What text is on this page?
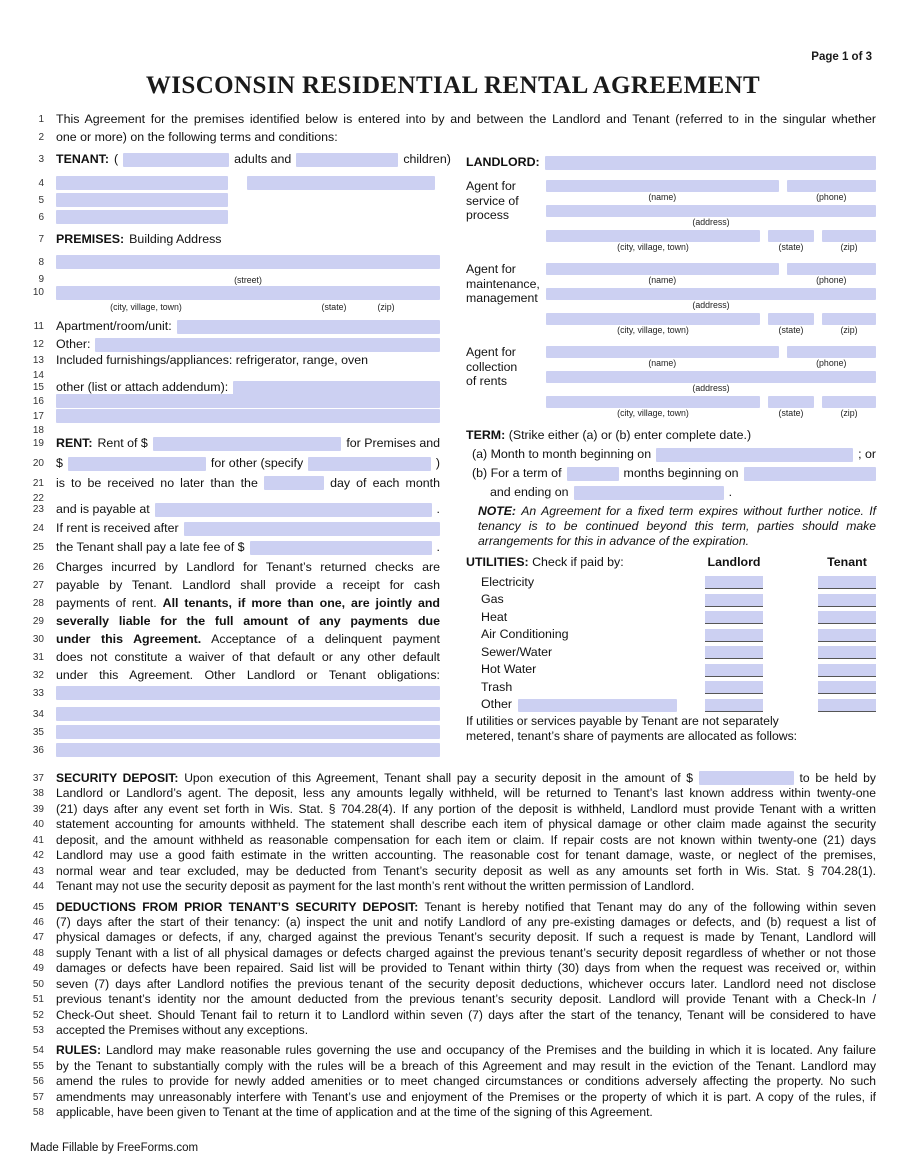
Page 1 of 3
WISCONSIN RESIDENTIAL RENTAL AGREEMENT
1 This Agreement for the premises identified below is entered into by and between the Landlord and Tenant (referred to in the singular whether
2 one or more) on the following terms and conditions:
3 TENANT: (	adults and	children)
4
5
6
7 PREMISES: Building Address
8
9	(street)
10
(city, village, town)	(state)	(zip)
11 Apartment/room/unit:
12 Other:
13 Included furnishings/appliances: refrigerator, range, oven
14
15 other (list or attach addendum):
16
17
18
19 RENT: Rent of $	for Premises and
20 $	for other (specify	)
21 is to be received no later than the	day of each month
22
23 and is payable at	.
24 If rent is received after
25 the Tenant shall pay a late fee of $	.
26 Charges incurred by Landlord for Tenant’s returned checks are
27 payable by Tenant. Landlord shall provide a receipt for cash
28 payments of rent. All tenants, if more than one, are jointly and
29 severally liable for the full amount of any payments due
30 under this Agreement. Acceptance of a delinquent payment
31 does not constitute a waiver of that default or any other default
32 under this Agreement. Other Landlord or Tenant obligations:
33
34
35
36
LANDLORD:
Agent for
service of
process
(name)	(phone)
(address)
(city, village, town)	(state)	(zip)
Agent for
maintenance,
management
(name)	(phone)
(address)
(city, village, town)	(state)	(zip)
Agent for
collection
of rents
(name)	(phone)
(address)
(city, village, town)	(state)	(zip)
TERM: (Strike either (a) or (b) enter complete date.)
(a) Month to month beginning on	; or
(b) For a term of	months beginning on
and ending on	.
NOTE: An Agreement for a fixed term expires without further notice. If tenancy is to be continued beyond this term, parties should make arrangements for this in advance of the expiration.
UTILITIES: Check if paid by:	Landlord	Tenant
Electricity
Gas
Heat
Air Conditioning
Sewer/Water
Hot Water
Trash
Other
If utilities or services payable by Tenant are not separately
metered, tenant’s share of payments are allocated as follows:
37 SECURITY DEPOSIT: Upon execution of this Agreement, Tenant shall pay a security deposit in the amount of $	to be held by
38 Landlord or Landlord’s agent. The deposit, less any amounts legally withheld, will be returned to Tenant’s last known address within twenty-one
39 (21) days after any event set forth in Wis. Stat. § 704.28(4). If any portion of the deposit is withheld, Landlord must provide Tenant with a written
40 statement accounting for amounts withheld. The statement shall describe each item of physical damage or other claim made against the security
41 deposit, and the amount withheld as reasonable compensation for each item or claim. If repair costs are not known within twenty-one (21) days
42 Landlord may use a good faith estimate in the written accounting. The reasonable cost for tenant damage, waste, or neglect of the premises,
43 normal wear and tear excluded, may be deducted from Tenant’s security deposit as well as any amounts set forth in Wis. Stat. § 704.28(1).
44 Tenant may not use the security deposit as payment for the last month’s rent without the written permission of Landlord.
45 DEDUCTIONS FROM PRIOR TENANT’S SECURITY DEPOSIT: Tenant is hereby notified that Tenant may do any of the following within seven
46 (7) days after the start of their tenancy: (a) inspect the unit and notify Landlord of any pre-existing damages or defects, and (b) request a list of
47 physical damages or defects, if any, charged against the previous Tenant’s security deposit. If such a request is made by Tenant, Landlord will
48 supply Tenant with a list of all physical damages or defects charged against the previous tenant’s security deposit regardless of whether or not those
49 damages or defects have been repaired. Said list will be provided to Tenant within thirty (30) days from when the request was received or, within
50 seven (7) days after Landlord notifies the previous tenant of the security deposit deductions, whichever occurs later. Landlord need not disclose
51 previous tenant’s identity nor the amount deducted from the previous tenant’s security deposit. Landlord will provide Tenant with a Check-In /
52 Check-Out sheet. Should Tenant fail to return it to Landlord within seven (7) days after the start of the tenancy, Tenant will be considered to have
53 accepted the Premises without any exceptions.
54 RULES: Landlord may make reasonable rules governing the use and occupancy of the Premises and the building in which it is located. Any failure
55 by the Tenant to substantially comply with the rules will be a breach of this Agreement and may result in the eviction of the Tenant. Landlord may
56 amend the rules to provide for newly added amenities or to meet changed circumstances or conditions adversely affecting the property. No such
57 amendments may unreasonably interfere with Tenant’s use and enjoyment of the Premises or the property of which it is part. A copy of the rules, if
58 applicable, have been given to Tenant at the time of application and at the time of the signing of this Agreement.
Made Fillable by FreeForms.com
